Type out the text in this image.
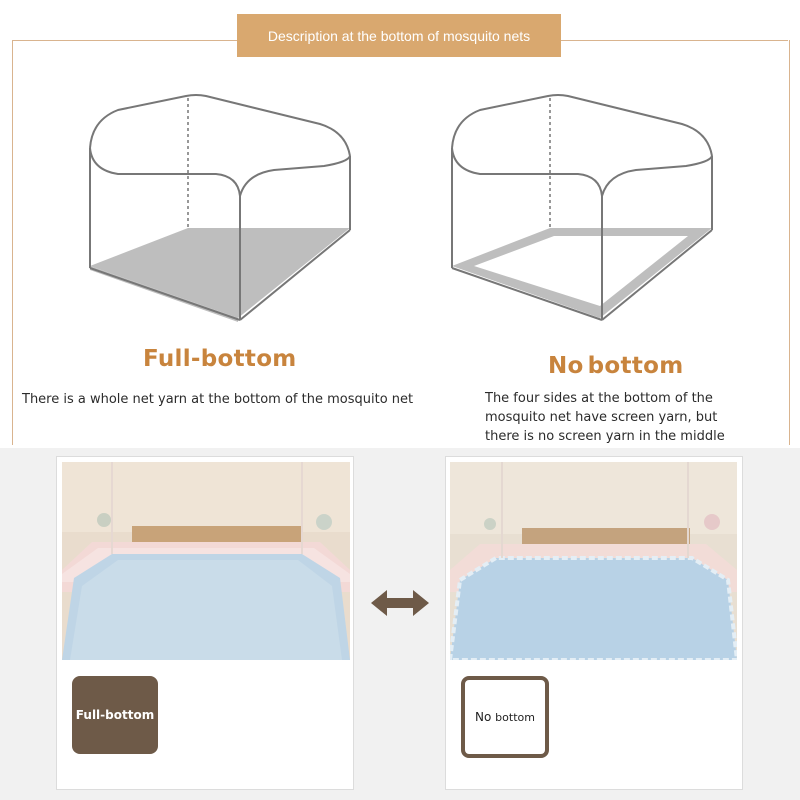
Description at the bottom of mosquito nets
Full-bottom	No bottom
There is a whole net yarn at the bottom of the mosquito net	The four sides at the bottom of the
mosquito net have screen yarn, but
there is no screen yarn in the middle
Full-bottom	No bottom
